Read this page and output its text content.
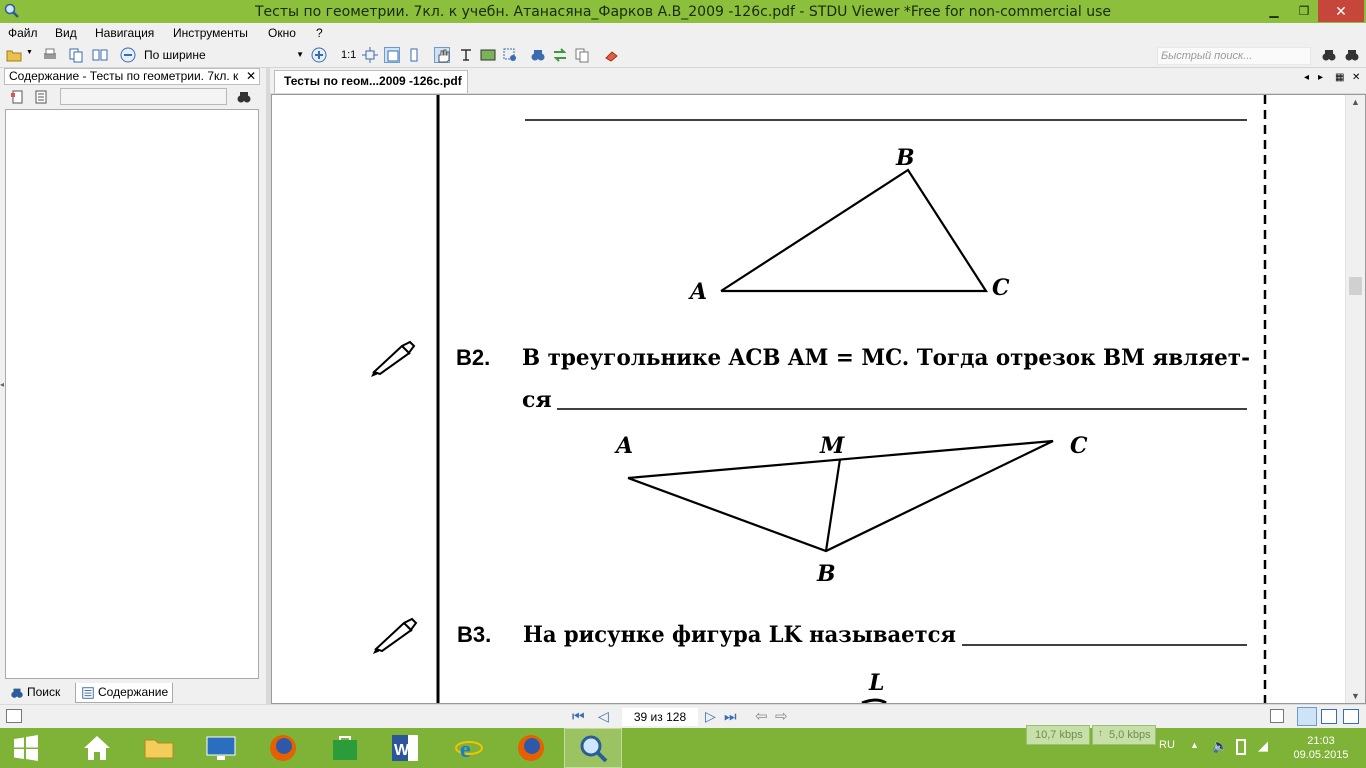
Тесты по геометрии. 7кл. к учебн. Атанасяна_Фарков А.В_2009 -126с.pdf - STDU Viewer *Free for non-commercial use	▁	❐	✕
Файл Вид Навигация Инструменты Окно ?
▼	По ширине	▼	1:1	Быстрый поиск...
Содержание - Тесты по геометрии. 7кл. к ✕
Поиск	Содержание
◂
Тесты по геом...2009 -126с.pdf	◂ ▸ ▦ ✕
B
A	C
B2. В треугольнике ACB AM = MC. Тогда отрезок BM являет-
ся
A	M	C
B
B3. На рисунке фигура LK называется
L
▲
▼
⏮ ◁	39 из 128	▷ ⏭ ⇦ ⇨
W e	RU ▲ 🔈 ◢	21:03
09.05.2015
10,7 kbps	5,0 kbps
↑
